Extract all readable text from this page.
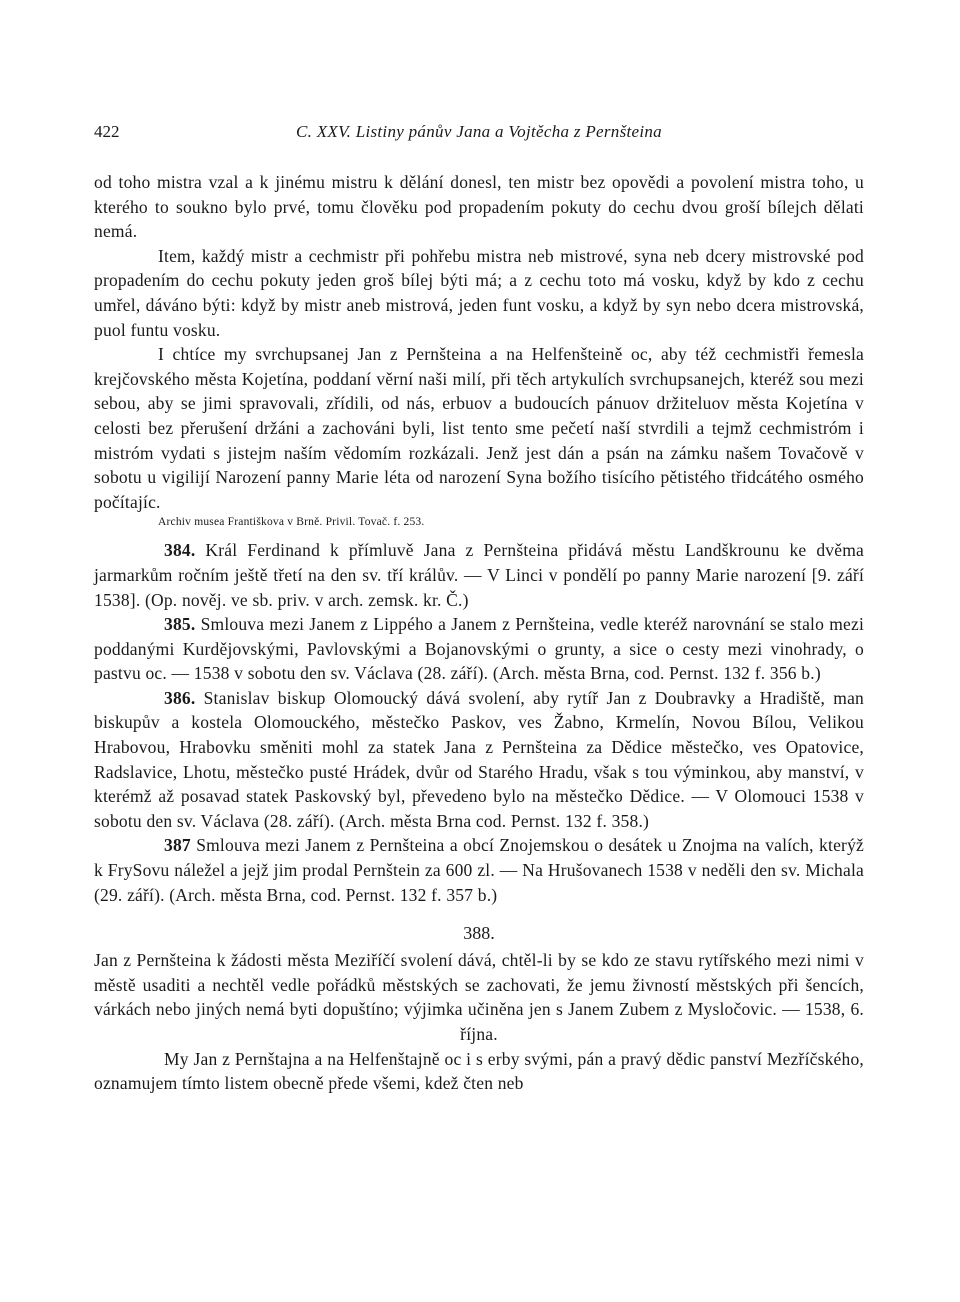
422	C. XXV. Listiny pánův Jana a Vojtěcha z Pernšteina

od toho mistra vzal a k jinému mistru k dělání donesl, ten mistr bez opovědi a povolení mistra toho, u kterého to soukno bylo prvé, tomu člověku pod propadením pokuty do cechu dvou groší bílejch dělati nemá.

Item, každý mistr a cechmistr při pohřebu mistra neb mistrové, syna neb dcery mistrovské pod propadením do cechu pokuty jeden groš bílej býti má; a z cechu toto má vosku, když by kdo z cechu umřel, dáváno býti: když by mistr aneb mistrová, jeden funt vosku, a když by syn nebo dcera mistrovská, puol funtu vosku.

I chtíce my svrchupsanej Jan z Pernšteina a na Helfenšteině oc, aby též cechmistři řemesla krejčovského města Kojetína, poddaní věrní naši milí, při těch artykulích svrchupsanejch, kteréž sou mezi sebou, aby se jimi spravovali, zřídili, od nás, erbuov a budoucích pánuov držiteluov města Kojetína v celosti bez přerušení držáni a zachováni byli, list tento sme pečetí naší stvrdili a tejmž cechmistróm i mistróm vydati s jistejm naším vědomím rozkázali. Jenž jest dán a psán na zámku našem Tovačově v sobotu u vigilijí Narození panny Marie léta od narození Syna božího tisícího pětistého třidcátého osmého počítajíc.

Archiv musea Františkova v Brně. Privil. Tovač. f. 253.

384. Král Ferdinand k přímluvě Jana z Pernšteina přidává městu Landškrounu ke dvěma jarmarkům ročním ještě třetí na den sv. tří králův. — V Linci v pondělí po panny Marie narození [9. září 1538]. (Op. nověj. ve sb. priv. v arch. zemsk. kr. Č.)

385. Smlouva mezi Janem z Lippého a Janem z Pernšteina, vedle kteréž narovnání se stalo mezi poddanými Kurděјovskými, Pavlovskými a Bojanovskými o grunty, a sice o cesty mezi vinohrady, o pastvu oc. — 1538 v sobotu den sv. Václava (28. září). (Arch. města Brna, cod. Pernst. 132 f. 356 b.)

386. Stanislav biskup Olomoucký dává svolení, aby rytíř Jan z Doubravky a Hradiště, man biskupův a kostela Olomouckého, městečko Paskov, ves Žabno, Krmelín, Novou Bílou, Velikou Hrabovou, Hrabovku směniti mohl za statek Jana z Pernšteina za Dědice městečko, ves Opatovice, Radslavice, Lhotu, městečko pusté Hrádek, dvůr od Starého Hradu, však s tou výminkou, aby manství, v kterémž až posavad statek Paskovský byl, převedeno bylo na městečko Dědice. — V Olomouci 1538 v sobotu den sv. Václava (28. září). (Arch. města Brna cod. Pernst. 132 f. 358.)

387 Smlouva mezi Janem z Pernšteina a obcí Znojemskou o desátek u Znojma na valích, kterýž k FrySovu náležel a jejž jim prodal Pernštein za 600 zl. — Na Hrušovanech 1538 v neděli den sv. Michala (29. září). (Arch. města Brna, cod. Pernst. 132 f. 357 b.)

388.

Jan z Pernšteina k žádosti města Meziříčí svolení dává, chtěl-li by se kdo ze stavu rytířského mezi nimi v městě usaditi a nechtěl vedle pořádků městských se zachovati, že jemu živností městských při šencích, várkách nebo jiných nemá byti dopuštíno; výjimka učiněna jen s Janem Zubem z Mysločovic. — 1538, 6. října.

My Jan z Pernštajna a na Helfenštajně oc i s erby svými, pán a pravý dědic panství Mezříčského, oznamujem tímto listem obecně přede všemi, kdež čten neb
